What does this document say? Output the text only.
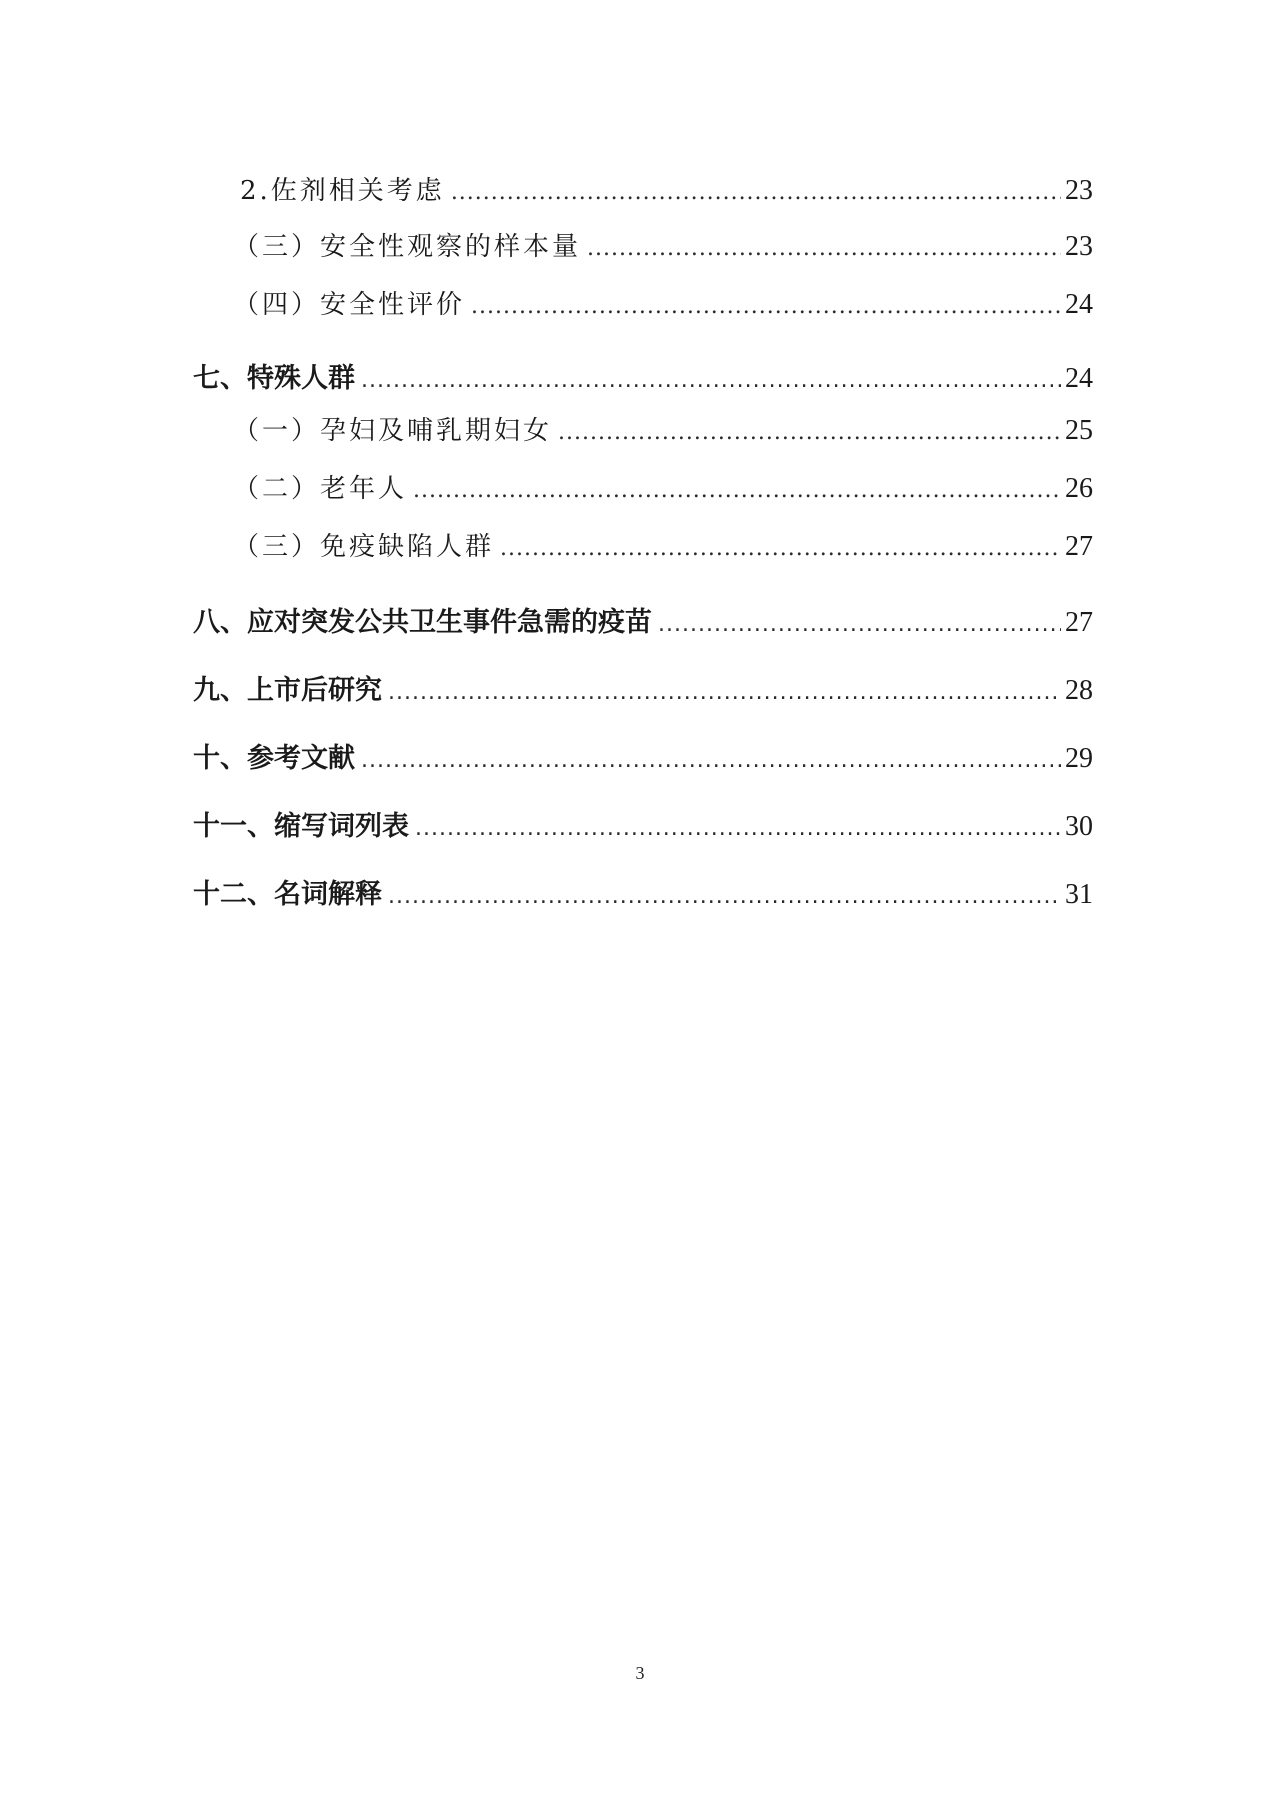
2.佐剂相关考虑 .....	23
（三）安全性观察的样本量 .....	23
（四）安全性评价 .....	24
七、特殊人群 .....	24
（一）孕妇及哺乳期妇女 .....	25
（二）老年人 .....	26
（三）免疫缺陷人群 .....	27
八、应对突发公共卫生事件急需的疫苗 .....	27
九、上市后研究 .....	28
十、参考文献 .....	29
十一、缩写词列表 .....	30
十二、名词解释 .....	31
3
